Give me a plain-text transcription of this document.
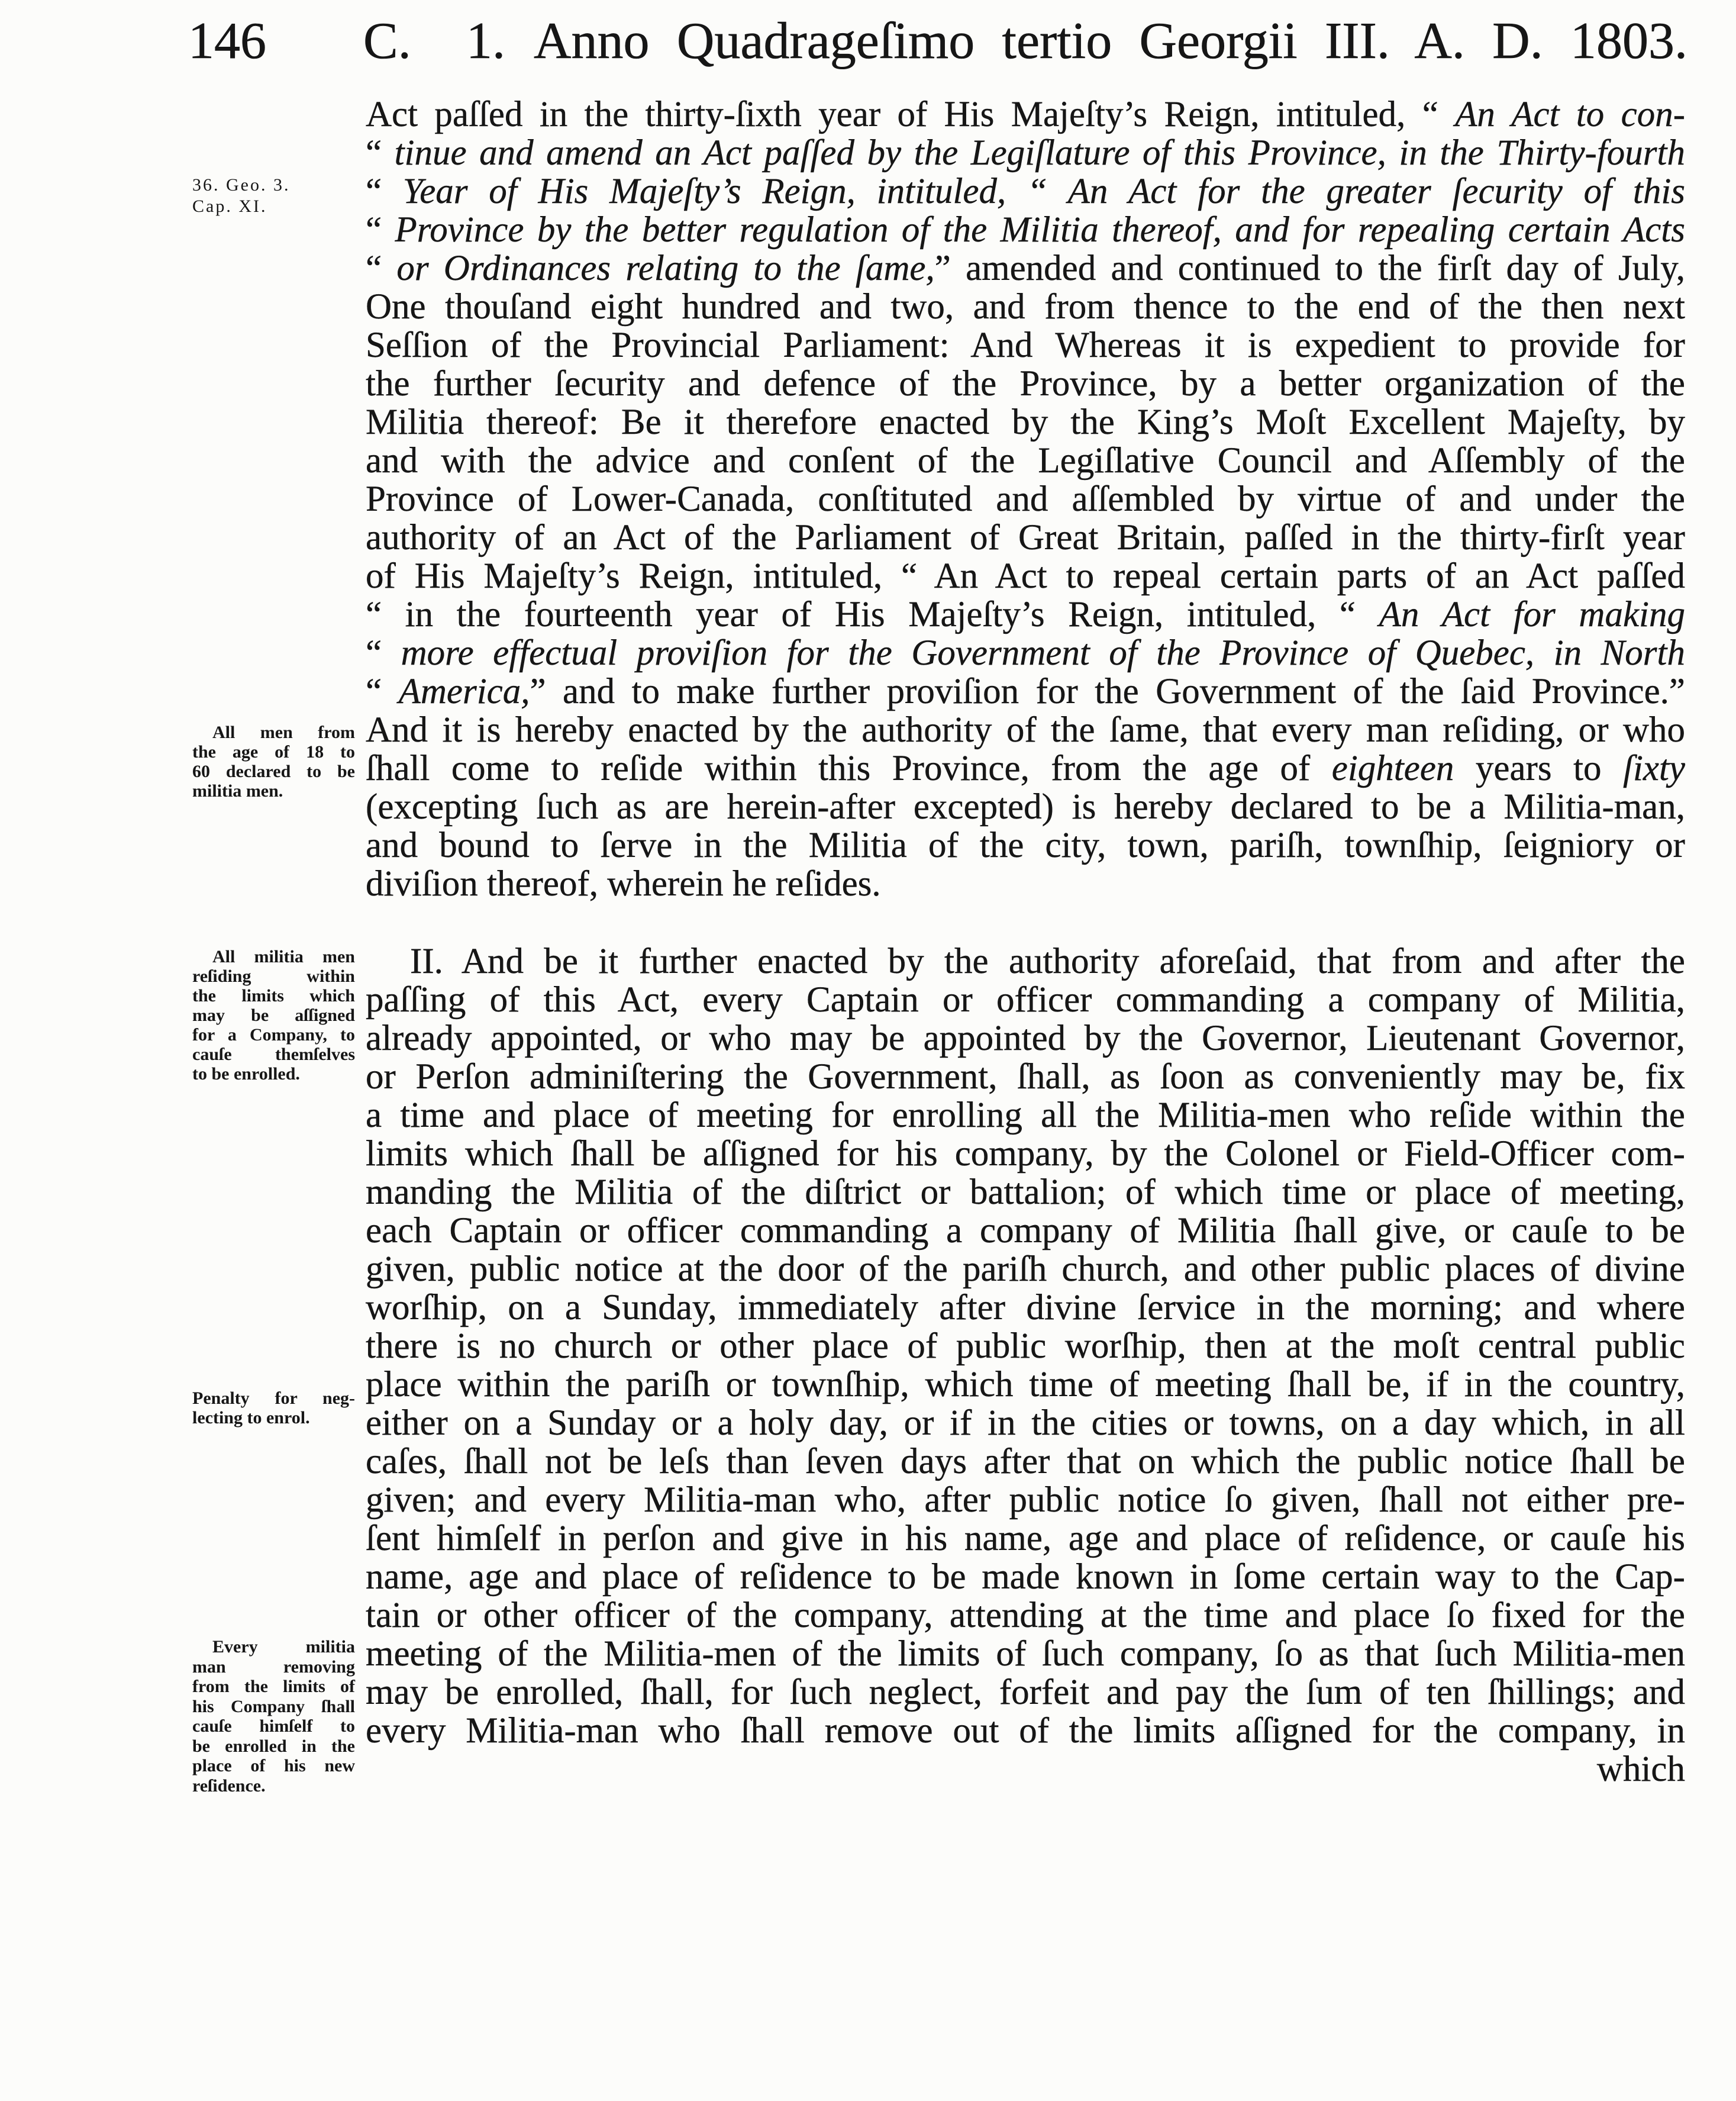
146 C. 1. Anno Quadrageſimo tertio Georgii III. A. D. 1803.
36. Geo. 3.
Cap. XI.
All men from
the age of 18 to
60 declared to be
militia men.
All militia men
reſiding within
the limits which
may be aſſigned
for a Company, to
cauſe themſelves
to be enrolled.
Penalty for neg-
lecting to enrol.
Every militia
man removing
from the limits of
his Company ſhall
cauſe himſelf to
be enrolled in the
place of his new
reſidence.
Act paſſed in the thirty-ſixth year of His Majeſty’s Reign, intituled, “ An Act to con-
“ tinue and amend an Act paſſed by the Legiſlature of this Province, in the Thirty-fourth
“ Year of His Majeſty’s Reign, intituled, “ An Act for the greater ſecurity of this
“ Province by the better regulation of the Militia thereof, and for repealing certain Acts
“ or Ordinances relating to the ſame,” amended and continued to the firſt day of July,
One thouſand eight hundred and two, and from thence to the end of the then next
Seſſion of the Provincial Parliament: And Whereas it is expedient to provide for
the further ſecurity and defence of the Province, by a better organization of the
Militia thereof: Be it therefore enacted by the King’s Moſt Excellent Majeſty, by
and with the advice and conſent of the Legiſlative Council and Aſſembly of the
Province of Lower-Canada, conſtituted and aſſembled by virtue of and under the
authority of an Act of the Parliament of Great Britain, paſſed in the thirty-firſt year
of His Majeſty’s Reign, intituled, “ An Act to repeal certain parts of an Act paſſed
“ in the fourteenth year of His Majeſty’s Reign, intituled, “ An Act for making
“ more effectual proviſion for the Government of the Province of Quebec, in North
“ America,” and to make further proviſion for the Government of the ſaid Province.”
And it is hereby enacted by the authority of the ſame, that every man reſiding, or who
ſhall come to reſide within this Province, from the age of eighteen years to ſixty
(excepting ſuch as are herein-after excepted) is hereby declared to be a Militia-man,
and bound to ſerve in the Militia of the city, town, pariſh, townſhip, ſeigniory or
diviſion thereof, wherein he reſides.
II. And be it further enacted by the authority aforeſaid, that from and after the
paſſing of this Act, every Captain or officer commanding a company of Militia,
already appointed, or who may be appointed by the Governor, Lieutenant Governor,
or Perſon adminiſtering the Government, ſhall, as ſoon as conveniently may be, fix
a time and place of meeting for enrolling all the Militia-men who reſide within the
limits which ſhall be aſſigned for his company, by the Colonel or Field-Officer com-
manding the Militia of the diſtrict or battalion; of which time or place of meeting,
each Captain or officer commanding a company of Militia ſhall give, or cauſe to be
given, public notice at the door of the pariſh church, and other public places of divine
worſhip, on a Sunday, immediately after divine ſervice in the morning; and where
there is no church or other place of public worſhip, then at the moſt central public
place within the pariſh or townſhip, which time of meeting ſhall be, if in the country,
either on a Sunday or a holy day, or if in the cities or towns, on a day which, in all
caſes, ſhall not be leſs than ſeven days after that on which the public notice ſhall be
given; and every Militia-man who, after public notice ſo given, ſhall not either pre-
ſent himſelf in perſon and give in his name, age and place of reſidence, or cauſe his
name, age and place of reſidence to be made known in ſome certain way to the Cap-
tain or other officer of the company, attending at the time and place ſo fixed for the
meeting of the Militia-men of the limits of ſuch company, ſo as that ſuch Militia-men
may be enrolled, ſhall, for ſuch neglect, forfeit and pay the ſum of ten ſhillings; and
every Militia-man who ſhall remove out of the limits aſſigned for the company, in
which
